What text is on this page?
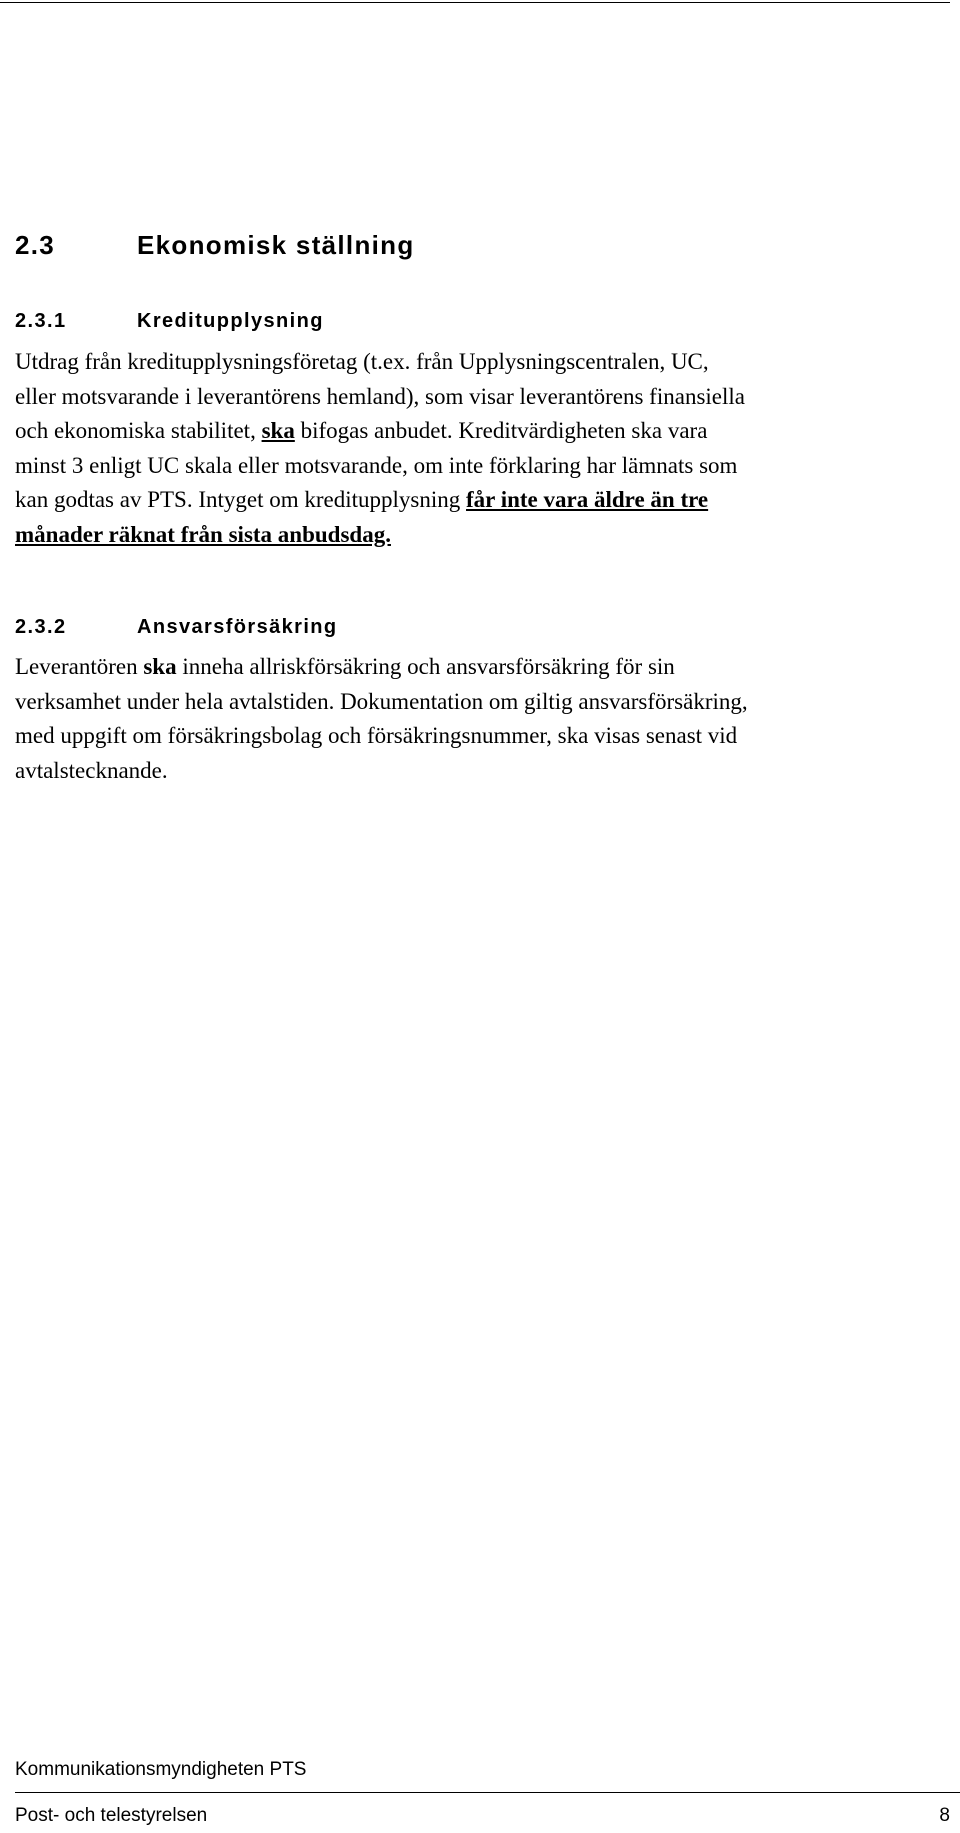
2.3	Ekonomisk ställning
2.3.1	Kreditupplysning
Utdrag från kreditupplysningsföretag (t.ex. från Upplysningscentralen, UC,
eller motsvarande i leverantörens hemland), som visar leverantörens finansiella
och ekonomiska stabilitet, ska bifogas anbudet. Kreditvärdigheten ska vara
minst 3 enligt UC skala eller motsvarande, om inte förklaring har lämnats som
kan godtas av PTS. Intyget om kreditupplysning får inte vara äldre än tre
månader räknat från sista anbudsdag.
2.3.2	Ansvarsförsäkring
Leverantören ska inneha allriskförsäkring och ansvarsförsäkring för sin
verksamhet under hela avtalstiden. Dokumentation om giltig ansvarsförsäkring,
med uppgift om försäkringsbolag och försäkringsnummer, ska visas senast vid
avtalstecknande.

Kommunikationsmyndigheten PTS

Post- och telestyrelsen	8
